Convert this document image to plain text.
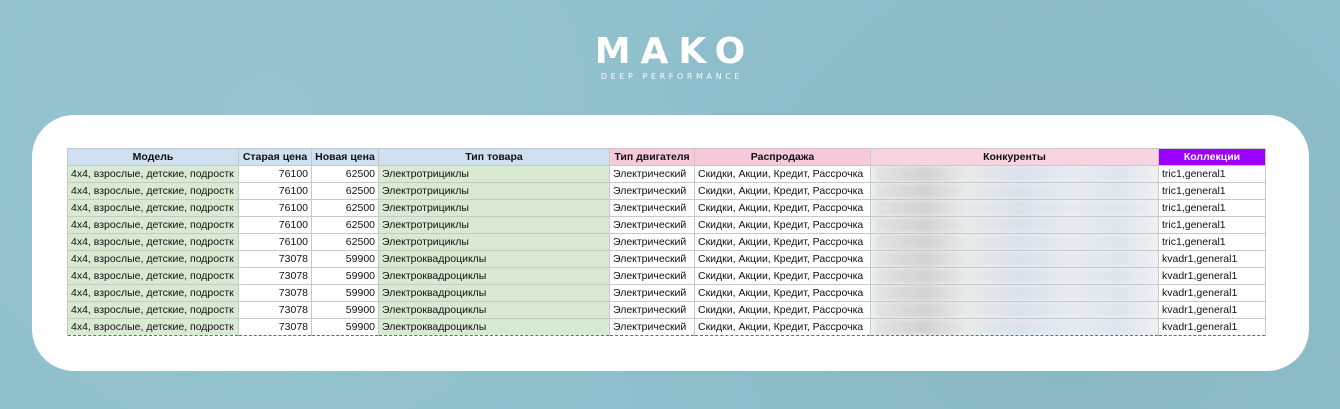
MAKO
DEEP PERFORMANCE
Модель	Старая цена	Новая цена	Тип товара	Тип двигателя	Распродажа	Конкуренты	Коллекции
4x4, взрослые, детские, подростк	76100	62500	Электротрициклы	Электрический	Скидки, Акции, Кредит, Рассрочка		tric1,general1
4x4, взрослые, детские, подростк	76100	62500	Электротрициклы	Электрический	Скидки, Акции, Кредит, Рассрочка		tric1,general1
4x4, взрослые, детские, подростк	76100	62500	Электротрициклы	Электрический	Скидки, Акции, Кредит, Рассрочка		tric1,general1
4x4, взрослые, детские, подростк	76100	62500	Электротрициклы	Электрический	Скидки, Акции, Кредит, Рассрочка		tric1,general1
4x4, взрослые, детские, подростк	76100	62500	Электротрициклы	Электрический	Скидки, Акции, Кредит, Рассрочка		tric1,general1
4x4, взрослые, детские, подростк	73078	59900	Электроквадроциклы	Электрический	Скидки, Акции, Кредит, Рассрочка		kvadr1,general1
4x4, взрослые, детские, подростк	73078	59900	Электроквадроциклы	Электрический	Скидки, Акции, Кредит, Рассрочка		kvadr1,general1
4x4, взрослые, детские, подростк	73078	59900	Электроквадроциклы	Электрический	Скидки, Акции, Кредит, Рассрочка		kvadr1,general1
4x4, взрослые, детские, подростк	73078	59900	Электроквадроциклы	Электрический	Скидки, Акции, Кредит, Рассрочка		kvadr1,general1
4x4, взрослые, детские, подростк	73078	59900	Электроквадроциклы	Электрический	Скидки, Акции, Кредит, Рассрочка		kvadr1,general1
